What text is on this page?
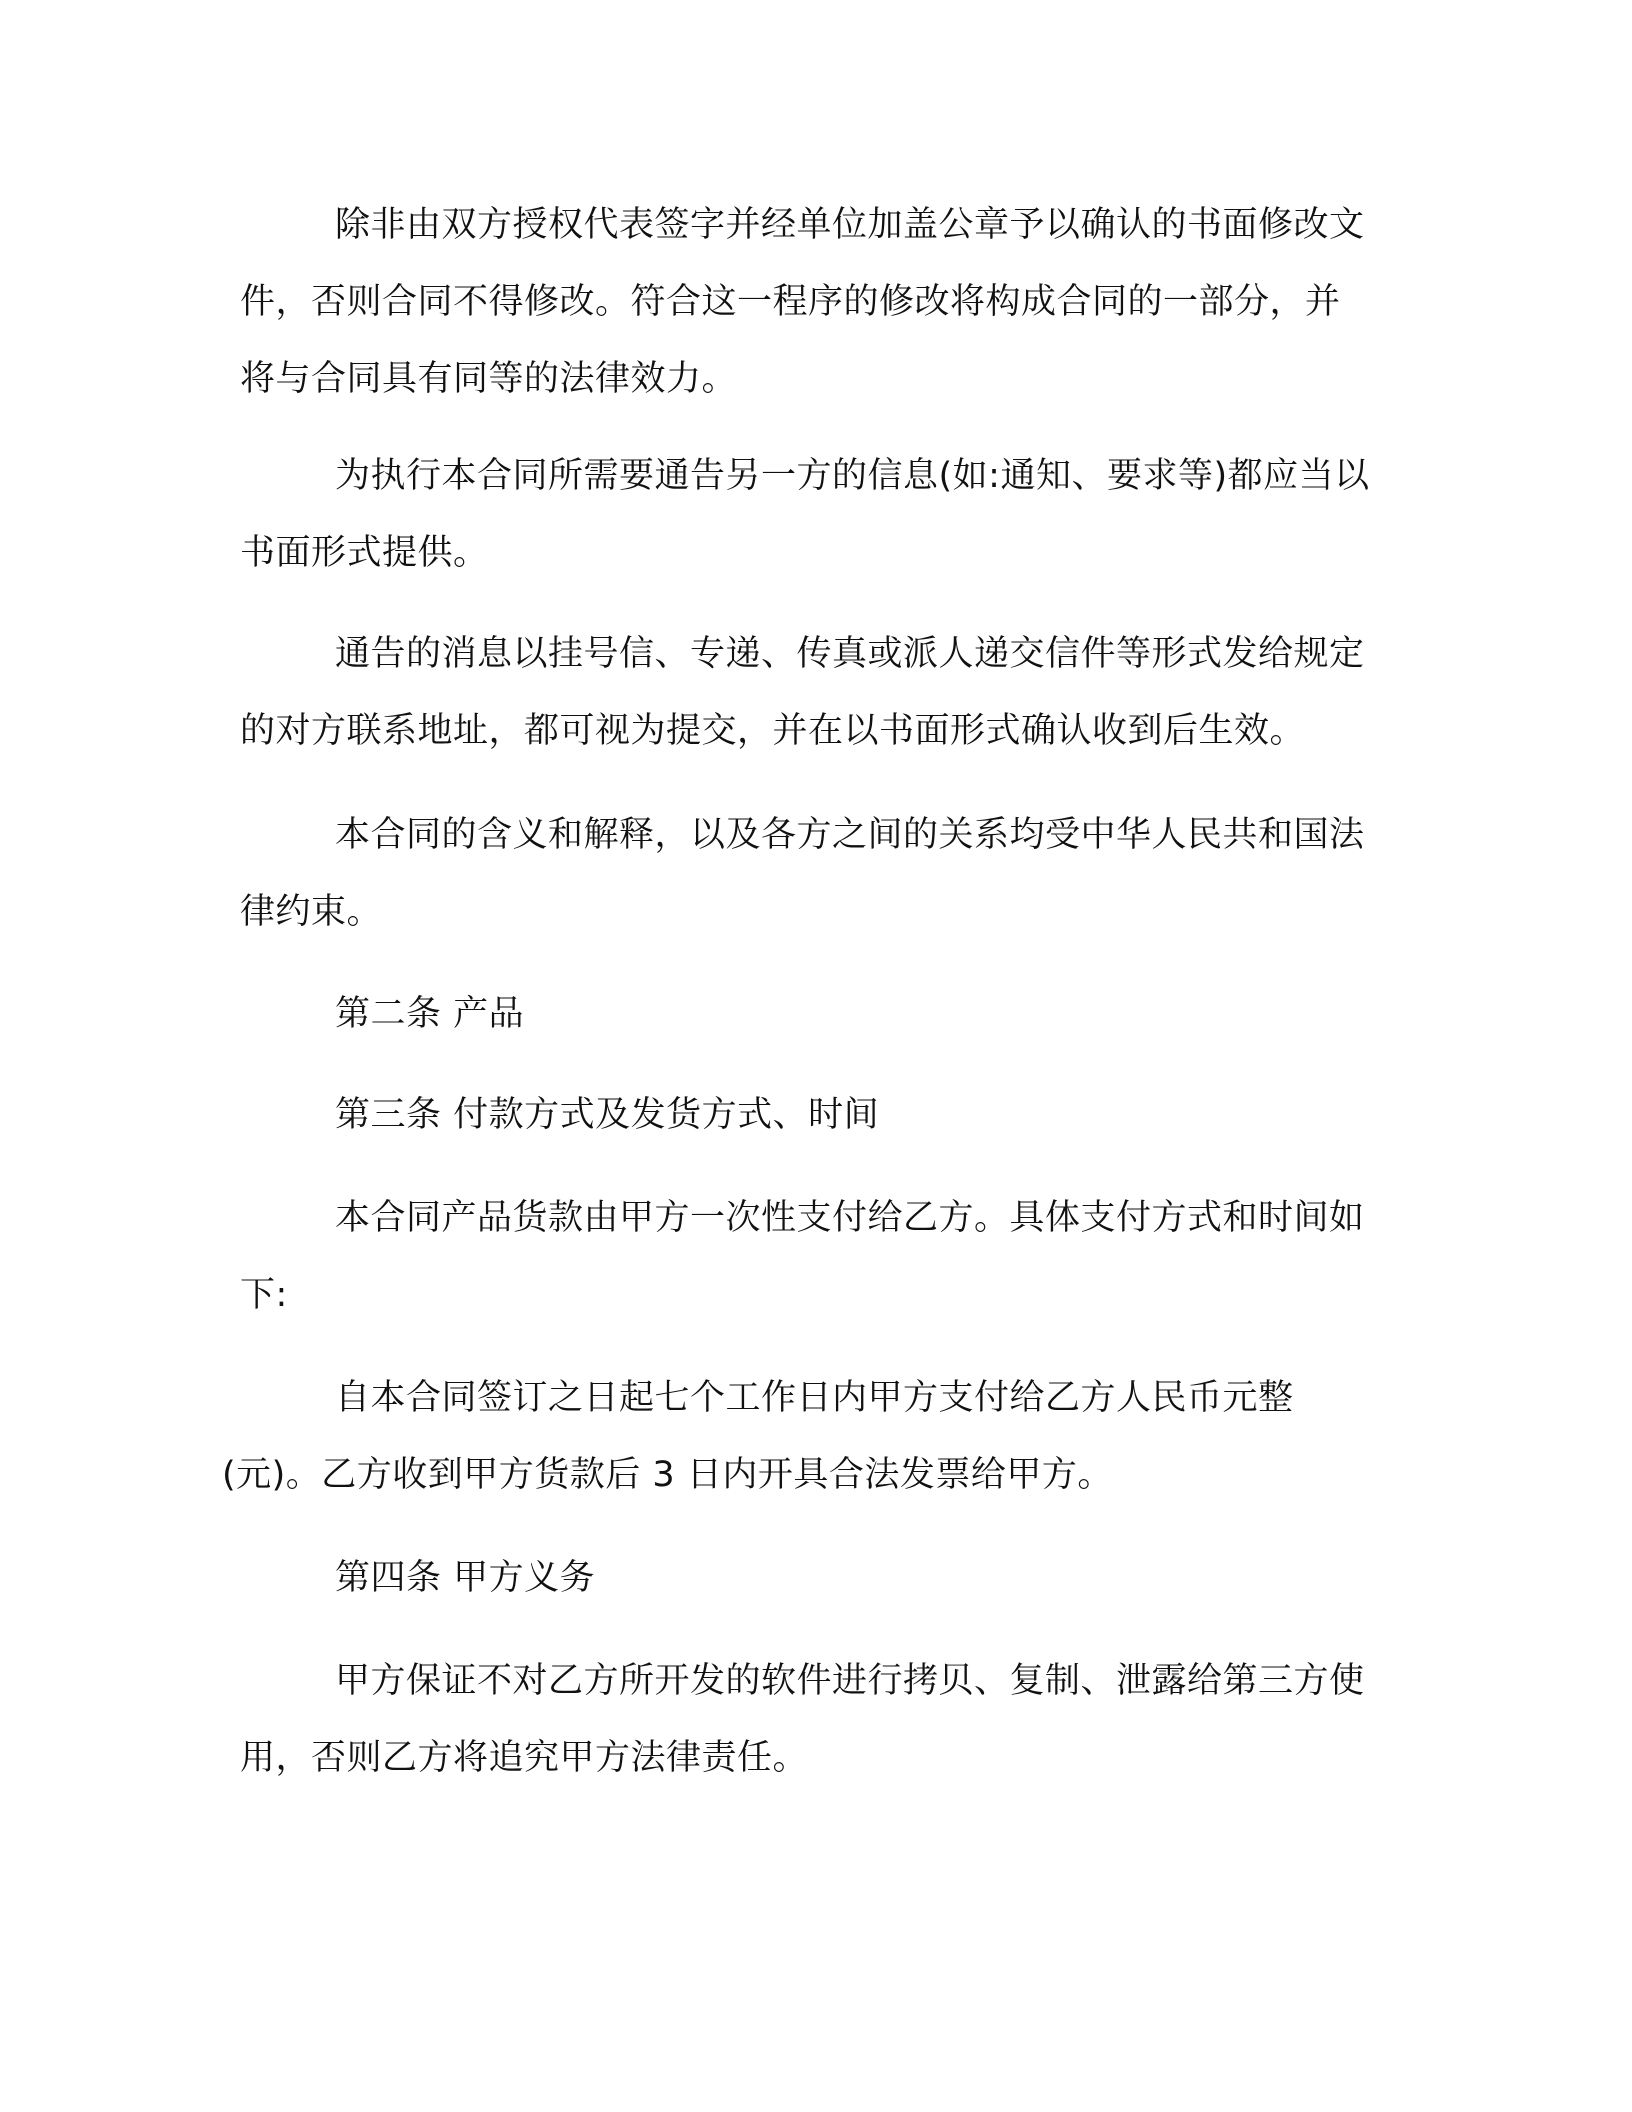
除非由双方授权代表签字并经单位加盖公章予以确认的书面修改文件，否则合同不得修改。符合这一程序的修改将构成合同的一部分，并将与合同具有同等的法律效力。

为执行本合同所需要通告另一方的信息(如:通知、要求等)都应当以书面形式提供。

通告的消息以挂号信、专递、传真或派人递交信件等形式发给规定的对方联系地址，都可视为提交，并在以书面形式确认收到后生效。

本合同的含义和解释，以及各方之间的关系均受中华人民共和国法律约束。

第二条 产品

第三条 付款方式及发货方式、时间

本合同产品货款由甲方一次性支付给乙方。具体支付方式和时间如下:

自本合同签订之日起七个工作日内甲方支付给乙方人民币元整(元)。乙方收到甲方货款后 3 日内开具合法发票给甲方。

第四条 甲方义务

甲方保证不对乙方所开发的软件进行拷贝、复制、泄露给第三方使用，否则乙方将追究甲方法律责任。
